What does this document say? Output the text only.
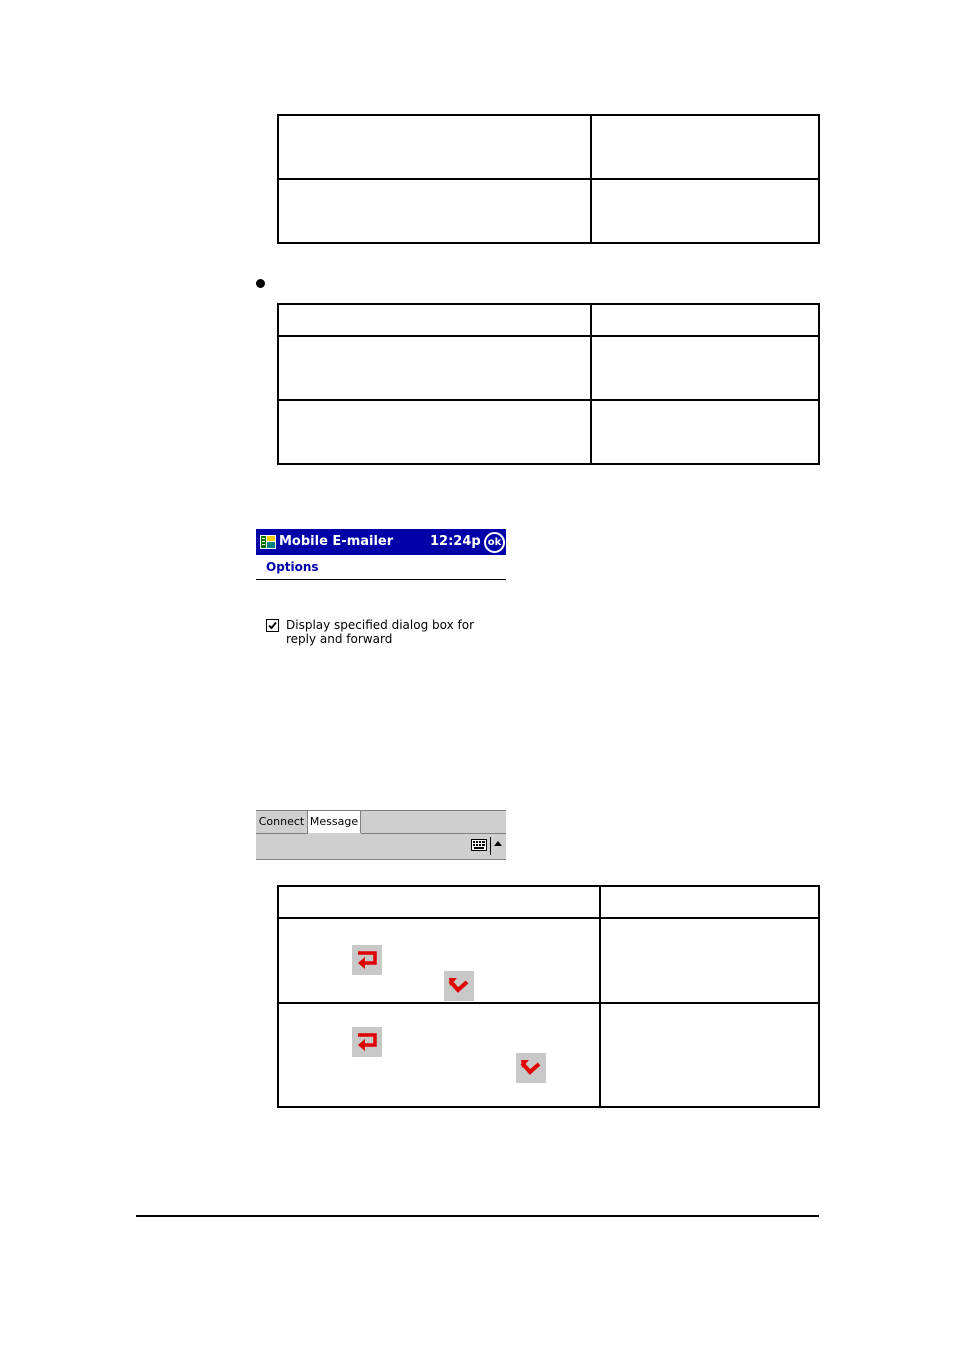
Mobile E-mailer	12:24p ok
Options
Display specified dialog box for reply and forward
Connect Message
